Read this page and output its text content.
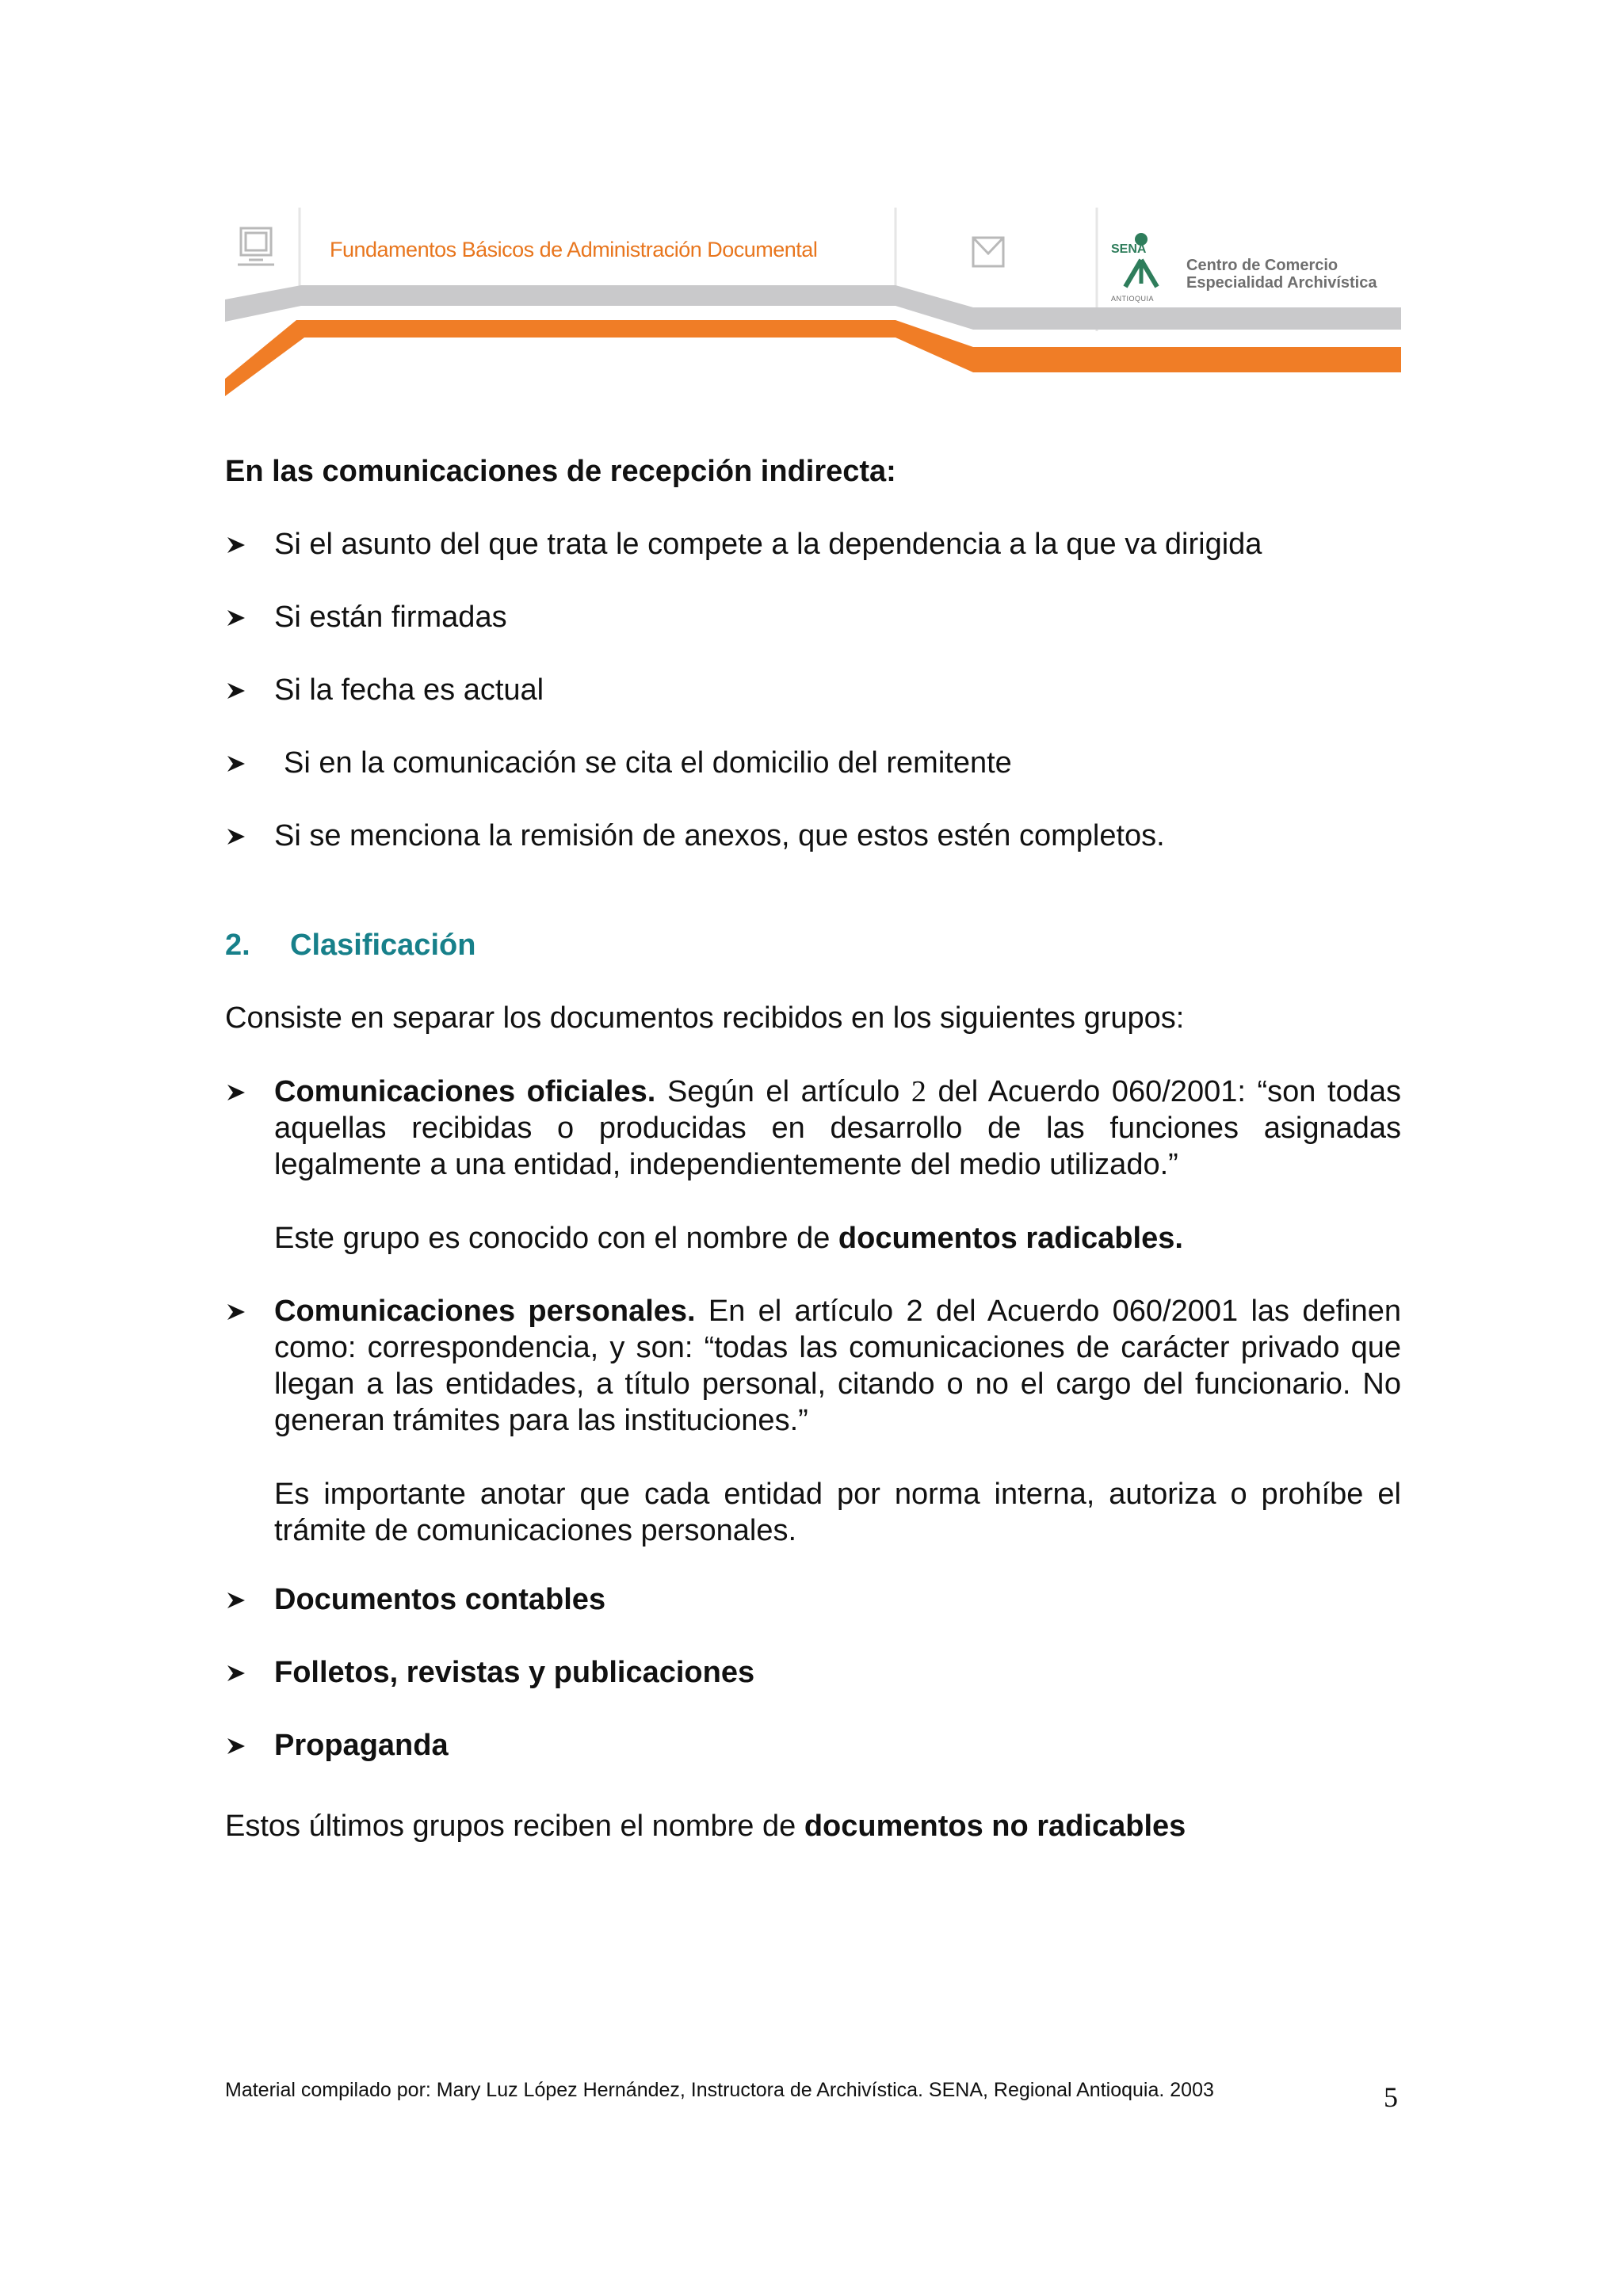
Fundamentos Básicos de Administración Documental	SENA
ANTIOQUIA
Centro de Comercio
Especialidad Archivística
En las comunicaciones de recepción indirecta:
Si el asunto del que trata le compete a la dependencia a la que va dirigida
Si están firmadas
Si la fecha es actual
Si en la comunicación se cita el domicilio del remitente
Si se menciona la remisión de anexos, que estos estén completos.
2. Clasificación
Consiste en separar los documentos recibidos en los siguientes grupos:
Comunicaciones oficiales. Según el artículo 2 del Acuerdo 060/2001: “son todas aquellas recibidas o producidas en desarrollo de las funciones asignadas legalmente a una entidad, independientemente del medio utilizado.”
Este grupo es conocido con el nombre de documentos radicables.
Comunicaciones personales. En el artículo 2 del Acuerdo 060/2001 las definen como: correspondencia, y son: “todas las comunicaciones de carácter privado que llegan a las entidades, a título personal, citando o no el cargo del funcionario. No generan trámites para las instituciones.”
Es importante anotar que cada entidad por norma interna, autoriza o prohíbe el trámite de comunicaciones personales.
Documentos contables
Folletos, revistas y publicaciones
Propaganda
Estos últimos grupos reciben el nombre de documentos no radicables
Material compilado por: Mary Luz López Hernández, Instructora de Archivística. SENA, Regional Antioquia. 2003	5
